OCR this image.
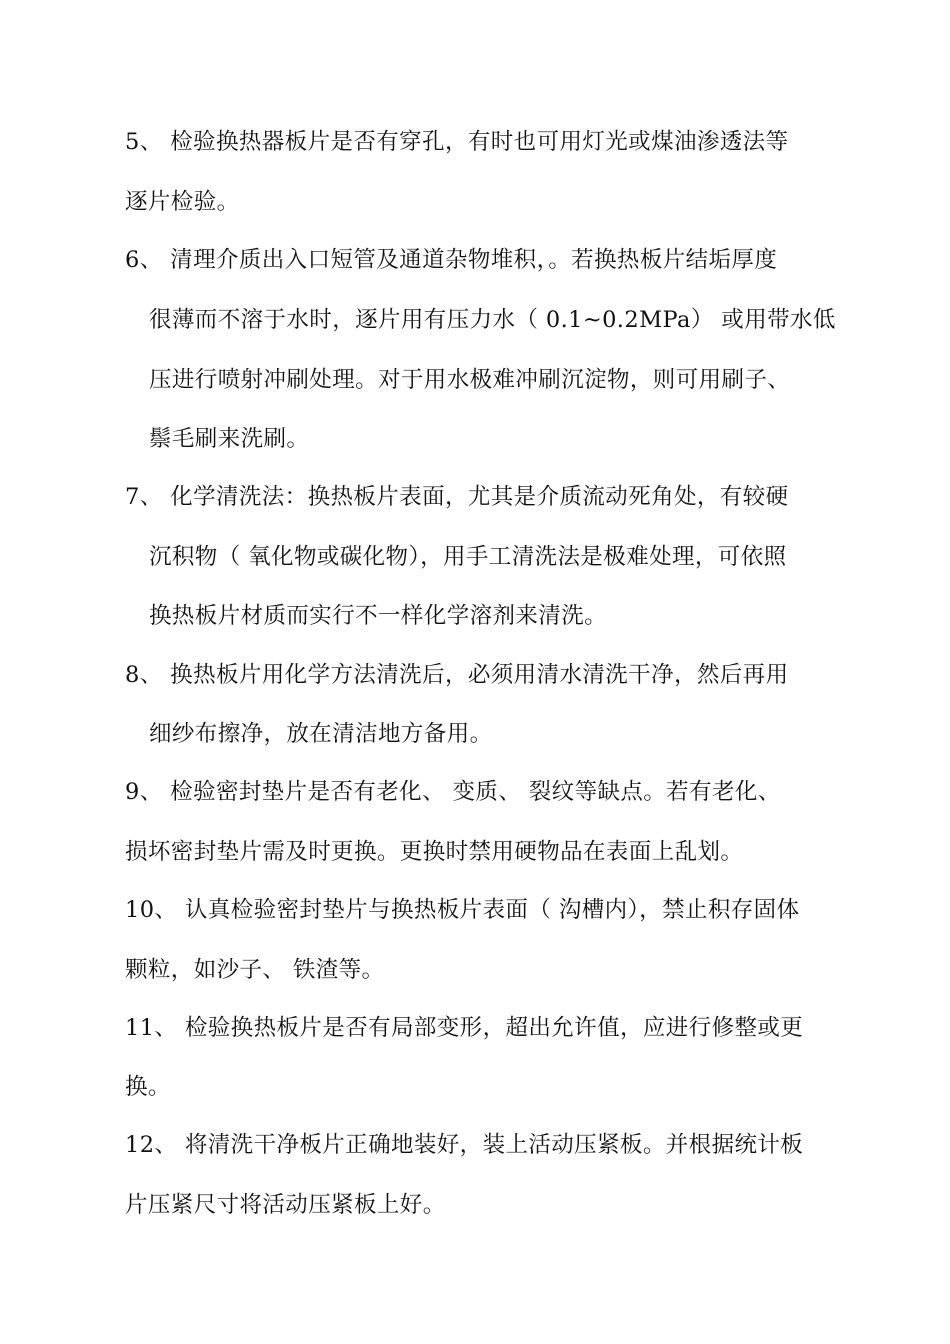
5、 检验换热器板片是否有穿孔，有时也可用灯光或煤油渗透法等
逐片检验。
6、 清理介质出入口短管及通道杂物堆积，。若换热板片结垢厚度
很薄而不溶于水时，逐片用有压力水（ 0.1~0.2MPa） 或用带水低
压进行喷射冲刷处理。对于用水极难冲刷沉淀物，则可用刷子、
鬃毛刷来洗刷。
7、 化学清洗法：换热板片表面，尤其是介质流动死角处，有较硬
沉积物（ 氧化物或碳化物），用手工清洗法是极难处理，可依照
换热板片材质而实行不一样化学溶剂来清洗。
8、 换热板片用化学方法清洗后，必须用清水清洗干净，然后再用
细纱布擦净，放在清洁地方备用。
9、 检验密封垫片是否有老化、 变质、 裂纹等缺点。若有老化、
损坏密封垫片需及时更换。更换时禁用硬物品在表面上乱划。
10、 认真检验密封垫片与换热板片表面（ 沟槽内），禁止积存固体
颗粒，如沙子、 铁渣等。
11、 检验换热板片是否有局部变形，超出允许值，应进行修整或更
换。
12、 将清洗干净板片正确地装好，装上活动压紧板。并根据统计板
片压紧尺寸将活动压紧板上好。
